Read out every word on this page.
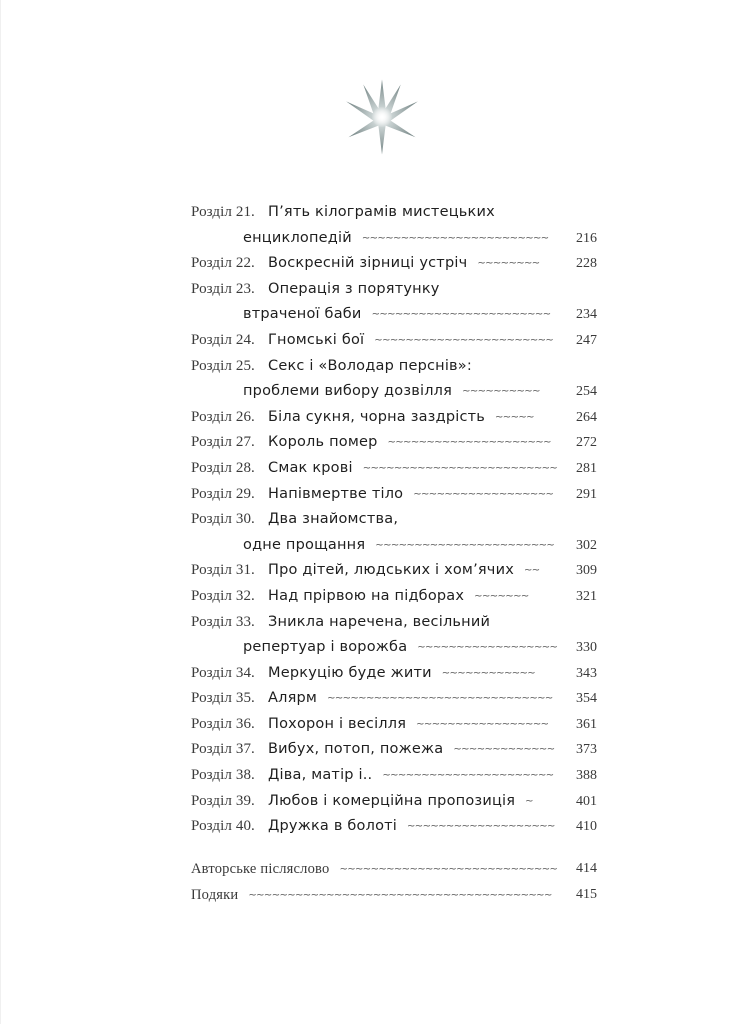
Розділ 21. П’ять кілограмів мистецьких
енциклопедій ~~~~~~~~~~~~~~~~~~~~~~~~ 216
Розділ 22. Воскресній зірниці устріч ~~~~~~~~	228
Розділ 23. Операція з порятунку
втраченої баби ~~~~~~~~~~~~~~~~~~~~~~~ 234
Розділ 24. Гномські бої ~~~~~~~~~~~~~~~~~~~~~~~ 247
Розділ 25. Секс і «Володар перснів»:
проблеми вибору дозвілля ~~~~~~~~~~	254
Розділ 26. Біла сукня, чорна заздрість ~~~~~	264
Розділ 27. Король помер ~~~~~~~~~~~~~~~~~~~~~ 272
Розділ 28. Смак крові ~~~~~~~~~~~~~~~~~~~~~~~~~ 281
Розділ 29. Напівмертве тіло ~~~~~~~~~~~~~~~~~~ 291
Розділ 30. Два знайомства,
одне прощання ~~~~~~~~~~~~~~~~~~~~~~~ 302
Розділ 31. Про дітей, людських і хом’ячих ~~	309
Розділ 32. Над прірвою на підборах ~~~~~~~	321
Розділ 33. Зникла наречена, весільний
репертуар і ворожба ~~~~~~~~~~~~~~~~~~ 330
Розділ 34. Меркуцію буде жити ~~~~~~~~~~~~	343
Розділ 35. Алярм ~~~~~~~~~~~~~~~~~~~~~~~~~~~~~ 354
Розділ 36. Похорон і весілля ~~~~~~~~~~~~~~~~~ 361
Розділ 37. Вибух, потоп, пожежа ~~~~~~~~~~~~~ 373
Розділ 38. Діва, матір і.. ~~~~~~~~~~~~~~~~~~~~~~ 388
Розділ 39. Любов і комерційна пропозиція ~	401
Розділ 40. Дружка в болоті ~~~~~~~~~~~~~~~~~~~ 410
Авторське післяслово ~~~~~~~~~~~~~~~~~~~~~~~~~~~~ 414
Подяки ~~~~~~~~~~~~~~~~~~~~~~~~~~~~~~~~~~~~~~~ 415
